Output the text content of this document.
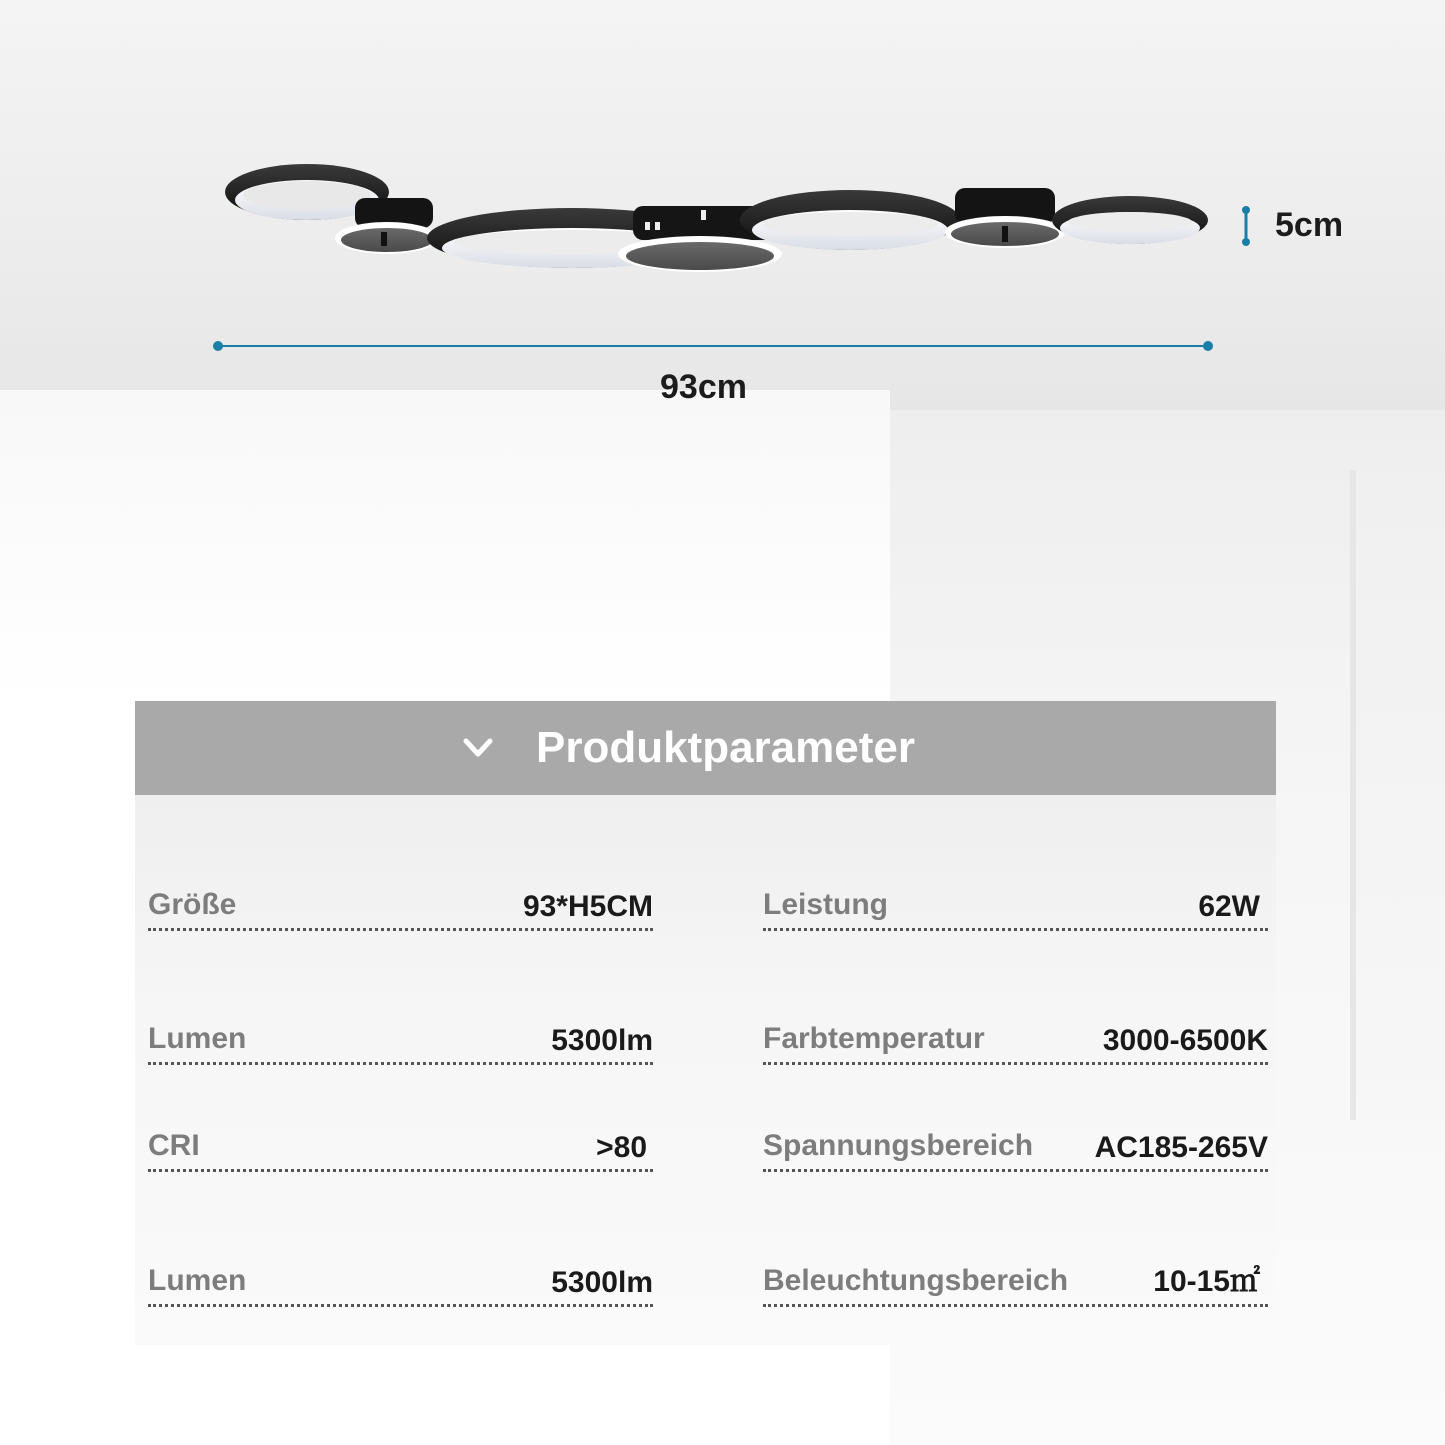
93cm
5cm
Produktparameter
Größe	93*H5CM	Leistung	62W
Lumen	5300lm	Farbtemperatur	3000-6500K
CRI	>80	Spannungsbereich AC185-265V
Lumen	5300lm	Beleuchtungsbereich	10-15㎡
